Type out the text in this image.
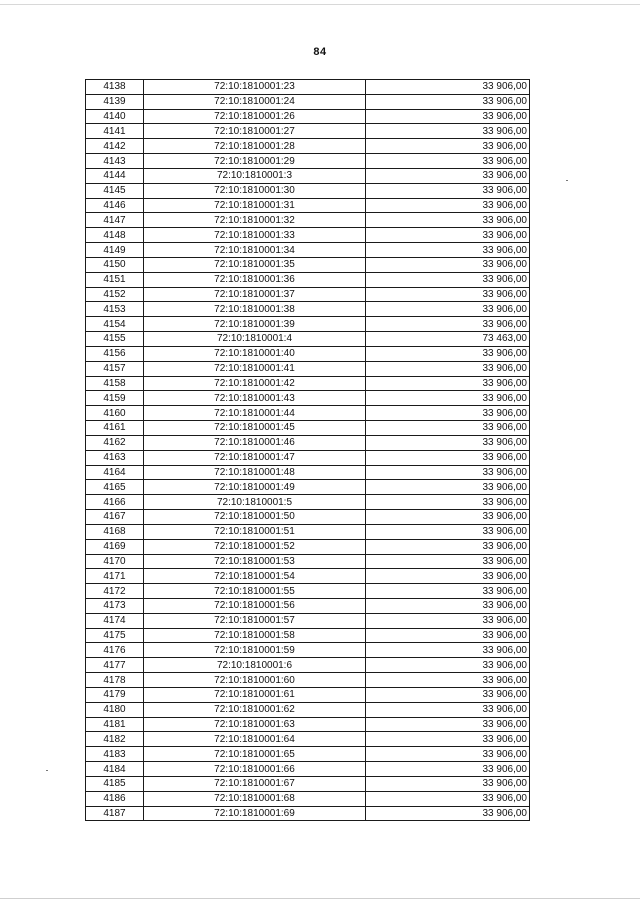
84
4138	72:10:1810001:23	33 906,00
4139	72:10:1810001:24	33 906,00
4140	72:10:1810001:26	33 906,00
4141	72:10:1810001:27	33 906,00
4142	72:10:1810001:28	33 906,00
4143	72:10:1810001:29	33 906,00
4144	72:10:1810001:3	33 906,00
4145	72:10:1810001:30	33 906,00
4146	72:10:1810001:31	33 906,00
4147	72:10:1810001:32	33 906,00
4148	72:10:1810001:33	33 906,00
4149	72:10:1810001:34	33 906,00
4150	72:10:1810001:35	33 906,00
4151	72:10:1810001:36	33 906,00
4152	72:10:1810001:37	33 906,00
4153	72:10:1810001:38	33 906,00
4154	72:10:1810001:39	33 906,00
4155	72:10:1810001:4	73 463,00
4156	72:10:1810001:40	33 906,00
4157	72:10:1810001:41	33 906,00
4158	72:10:1810001:42	33 906,00
4159	72:10:1810001:43	33 906,00
4160	72:10:1810001:44	33 906,00
4161	72:10:1810001:45	33 906,00
4162	72:10:1810001:46	33 906,00
4163	72:10:1810001:47	33 906,00
4164	72:10:1810001:48	33 906,00
4165	72:10:1810001:49	33 906,00
4166	72:10:1810001:5	33 906,00
4167	72:10:1810001:50	33 906,00
4168	72:10:1810001:51	33 906,00
4169	72:10:1810001:52	33 906,00
4170	72:10:1810001:53	33 906,00
4171	72:10:1810001:54	33 906,00
4172	72:10:1810001:55	33 906,00
4173	72:10:1810001:56	33 906,00
4174	72:10:1810001:57	33 906,00
4175	72:10:1810001:58	33 906,00
4176	72:10:1810001:59	33 906,00
4177	72:10:1810001:6	33 906,00
4178	72:10:1810001:60	33 906,00
4179	72:10:1810001:61	33 906,00
4180	72:10:1810001:62	33 906,00
4181	72:10:1810001:63	33 906,00
4182	72:10:1810001:64	33 906,00
4183	72:10:1810001:65	33 906,00
4184	72:10:1810001:66	33 906,00
4185	72:10:1810001:67	33 906,00
4186	72:10:1810001:68	33 906,00
4187	72:10:1810001:69	33 906,00
